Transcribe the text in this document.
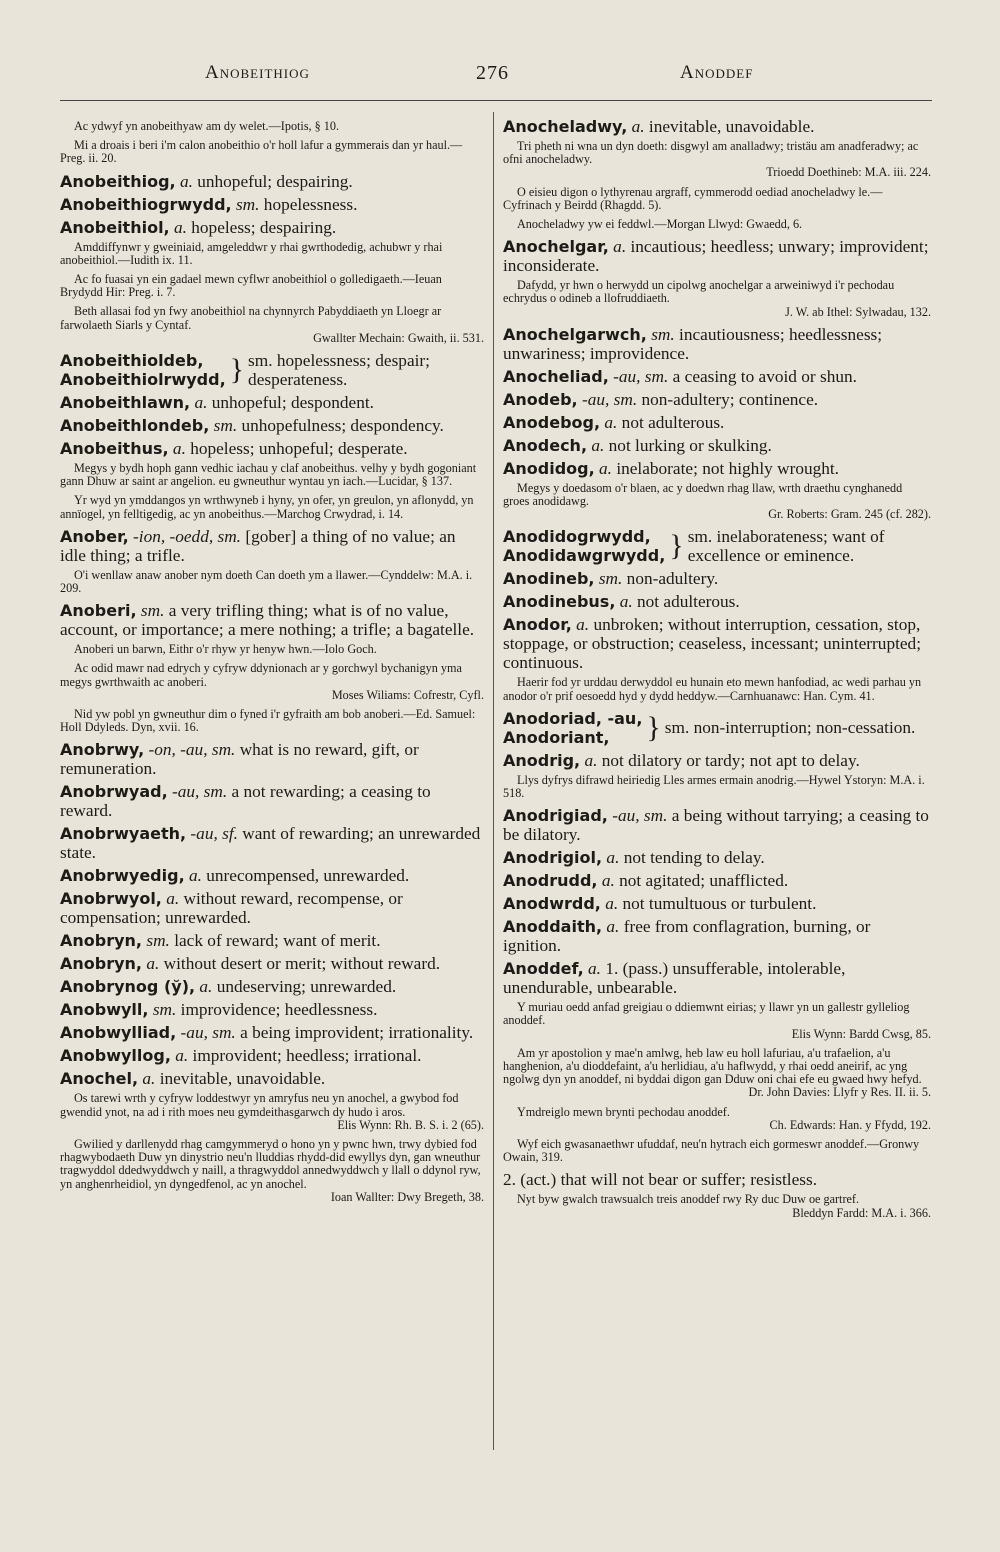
Anobeithiog	276	Anoddef
Ac ydwyf yn anobeithyaw am dy welet.—Ipotis, § 10.
Mi a droais i beri i'm calon anobeithio o'r holl lafur a gymmerais dan yr haul.—Preg. ii. 20.
Anobeithiog, a. unhopeful; despairing.
Anobeithiogrwydd, sm. hopelessness.
Anobeithiol, a. hopeless; despairing.
Amddiffynwr y gweiniaid, amgeleddwr y rhai gwrthodedig, achubwr y rhai anobeithiol.—Iudith ix. 11.
Ac fo fuasai yn ein gadael mewn cyflwr anobeithiol o golledigaeth.—Ieuan Brydydd Hir: Preg. i. 7.
Beth allasai fod yn fwy anobeithiol na chynnyrch Pabyddiaeth yn Lloegr ar farwolaeth Siarls y Cyntaf.
Gwallter Mechain: Gwaith, ii. 531.
Anobeithioldeb,
Anobeithiolrwydd, } sm. hopelessness; despair; desperateness.
Anobeithlawn, a. unhopeful; despondent.
Anobeithlondeb, sm. unhopefulness; despondency.
Anobeithus, a. hopeless; unhopeful; desperate.
Megys y bydh hoph gann vedhic iachau y claf anobeithus. velhy y bydh gogoniant gann Dhuw ar saint ar angelion. eu gwneuthur wyntau yn iach.—Lucidar, § 137.
Yr wyd yn ymddangos yn wrthwyneb i hyny, yn ofer, yn greulon, yn aflonydd, yn annïogel, yn felltigedig, ac yn anobeithus.—Marchog Crwydrad, i. 14.
Anober, -ion, -oedd, sm. [gober] a thing of no value; an idle thing; a trifle.
O'i wenllaw anaw anober nym doeth Can doeth ym a llawer.—Cynddelw: M.A. i. 209.
Anoberi, sm. a very trifling thing; what is of no value, account, or importance; a mere nothing; a trifle; a bagatelle.
Anoberi un barwn, Eithr o'r rhyw yr henyw hwn.—Iolo Goch.
Ac odid mawr nad edrych y cyfryw ddynionach ar y gorchwyl bychanigyn yma megys gwrthwaith ac anoberi.
Moses Wiliams: Cofrestr, Cyfl.
Nid yw pobl yn gwneuthur dim o fyned i'r gyfraith am bob anoberi.—Ed. Samuel: Holl Ddyleds. Dyn, xvii. 16.
Anobrwy, -on, -au, sm. what is no reward, gift, or remuneration.
Anobrwyad, -au, sm. a not rewarding; a ceasing to reward.
Anobrwyaeth, -au, sf. want of rewarding; an unrewarded state.
Anobrwyedig, a. unrecompensed, unrewarded.
Anobrwyol, a. without reward, recompense, or compensation; unrewarded.
Anobryn, sm. lack of reward; want of merit.
Anobryn, a. without desert or merit; without reward.
Anobrynog (ў), a. undeserving; unrewarded.
Anobwyll, sm. improvidence; heedlessness.
Anobwylliad, -au, sm. a being improvident; irrationality.
Anobwyllog, a. improvident; heedless; irrational.
Anochel, a. inevitable, unavoidable.
Os tarewi wrth y cyfryw loddestwyr yn amryfus neu yn anochel, a gwybod fod gwendid ynot, na ad i rith moes neu gymdeithasgarwch dy hudo i aros.
Elis Wynn: Rh. B. S. i. 2 (65).
Gwilied y darllenydd rhag camgymmeryd o hono yn y pwnc hwn, trwy dybied fod rhagwybodaeth Duw yn dinystrio neu'n lluddias rhydd-did ewyllys dyn, gan wneuthur tragwyddol ddedwyddwch y naill, a thragwyddol annedwyddwch y llall o ddynol ryw, yn anghenrheidiol, yn dyngedfenol, ac yn anochel.
Ioan Wallter: Dwy Bregeth, 38.
Anocheladwy, a. inevitable, unavoidable.
Tri pheth ni wna un dyn doeth: disgwyl am analladwy; tristäu am anadferadwy; ac ofni anocheladwy.
Trioedd Doethineb: M.A. iii. 224.
O eisieu digon o lythyrenau argraff, cymmerodd oediad anocheladwy le.—Cyfrinach y Beirdd (Rhagdd. 5).
Anocheladwy yw ei feddwl.—Morgan Llwyd: Gwaedd, 6.
Anochelgar, a. incautious; heedless; unwary; improvident; inconsiderate.
Dafydd, yr hwn o herwydd un cipolwg anochelgar a arweiniwyd i'r pechodau echrydus o odineb a llofruddiaeth.
J. W. ab Ithel: Sylwadau, 132.
Anochelgarwch, sm. incautiousness; heedlessness; unwariness; improvidence.
Anocheliad, -au, sm. a ceasing to avoid or shun.
Anodeb, -au, sm. non-adultery; continence.
Anodebog, a. not adulterous.
Anodech, a. not lurking or skulking.
Anodidog, a. inelaborate; not highly wrought.
Megys y doedasom o'r blaen, ac y doedwn rhag llaw, wrth draethu cynghanedd groes anodidawg.
Gr. Roberts: Gram. 245 (cf. 282).
Anodidogrwydd,
Anodidawgrwydd, } sm. inelaborateness; want of excellence or eminence.
Anodineb, sm. non-adultery.
Anodinebus, a. not adulterous.
Anodor, a. unbroken; without interruption, cessation, stop, stoppage, or obstruction; ceaseless, incessant; uninterrupted; continuous.
Haerir fod yr urddau derwyddol eu hunain eto mewn hanfodiad, ac wedi parhau yn anodor o'r prif oesoedd hyd y dydd heddyw.—Carnhuanawc: Han. Cym. 41.
Anodoriad, -au,
Anodoriant,	} sm. non-interruption; non-cessation.
Anodrig, a. not dilatory or tardy; not apt to delay.
Llys dyfrys difrawd heiriedig Lles armes ermain anodrig.—Hywel Ystoryn: M.A. i. 518.
Anodrigiad, -au, sm. a being without tarrying; a ceasing to be dilatory.
Anodrigiol, a. not tending to delay.
Anodrudd, a. not agitated; unafflicted.
Anodwrdd, a. not tumultuous or turbulent.
Anoddaith, a. free from conflagration, burning, or ignition.
Anoddef, a. 1. (pass.) unsufferable, intolerable, unendurable, unbearable.
Y muriau oedd anfad greigiau o ddiemwnt eirias; y llawr yn un gallestr gylleliog anoddef.
Elis Wynn: Bardd Cwsg, 85.
Am yr apostolion y mae'n amlwg, heb law eu holl lafuriau, a'u trafaelion, a'u hanghenion, a'u dioddefaint, a'u herlidiau, a'u haflwydd, y rhai oedd aneirif, ac yng ngolwg dyn yn anoddef, ni byddai digon gan Dduw oni chai efe eu gwaed hwy hefyd.
Dr. John Davies: Llyfr y Res. II. ii. 5.
Ymdreiglo mewn brynti pechodau anoddef.
Ch. Edwards: Han. y Ffydd, 192.
Wyf eich gwasanaethwr ufuddaf, neu'n hytrach eich gormeswr anoddef.—Gronwy Owain, 319.
2. (act.) that will not bear or suffer; resistless.
Nyt byw gwalch trawsualch treis anoddef rwy Ry duc Duw oe gartref.
Bleddyn Fardd: M.A. i. 366.
